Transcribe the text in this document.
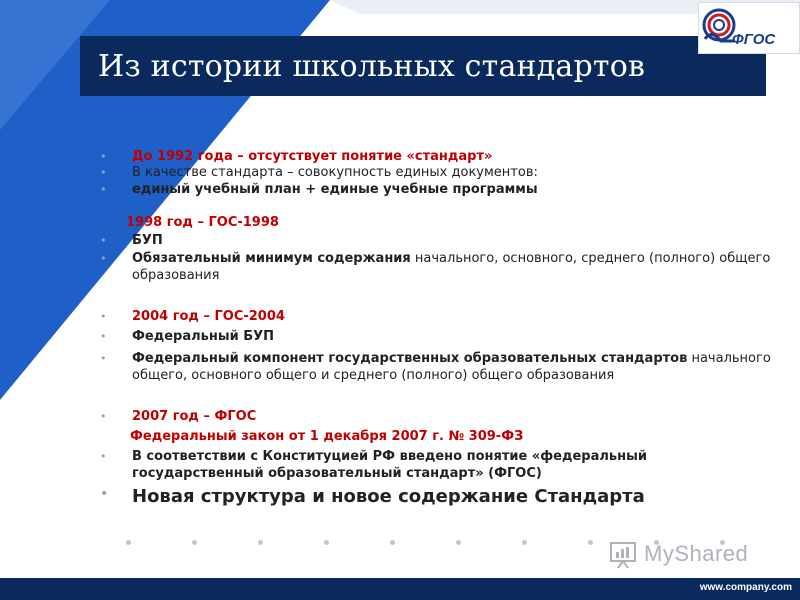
ФГОС
Из истории школьных стандартов
• До 1992 года – отсутствует понятие «стандарт»
• В качестве стандарта – совокупность единых документов:
• единый учебный план + единые учебные программы
1998 год – ГОС-1998
• БУП
• Обязательный минимум содержания начального, основного, среднего (полного) общего образования
• 2004 год – ГОС-2004
• Федеральный БУП
• Федеральный компонент государственных образовательных стандартов начального общего, основного общего и среднего (полного) общего образования
• 2007 год – ФГОС
Федеральный закон от 1 декабря 2007 г. № 309-ФЗ
• В соответствии с Конституцией РФ введено понятие «федеральный государственный образовательный стандарт» (ФГОС)
• Новая структура и новое содержание Стандарта
MyShared
www.company.com
